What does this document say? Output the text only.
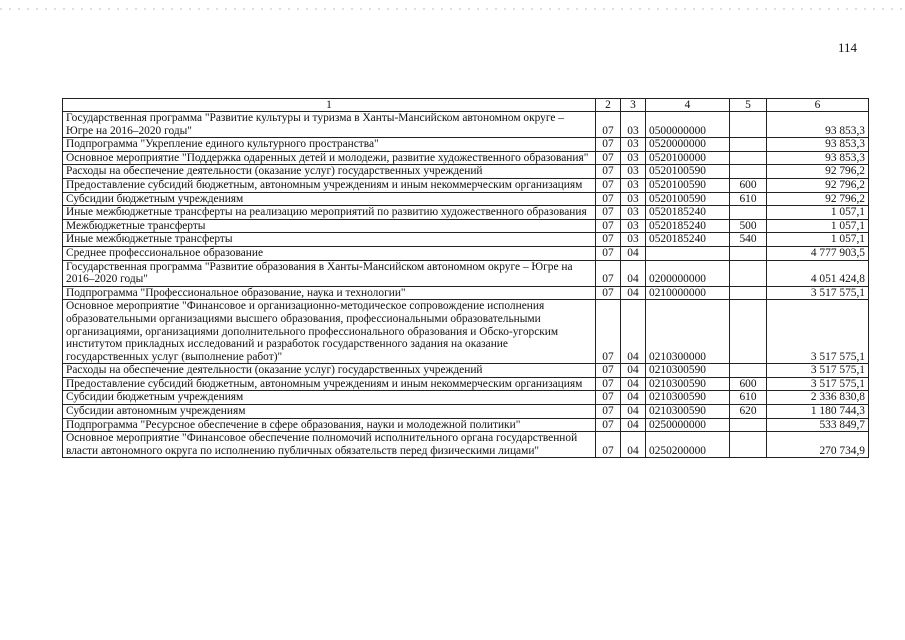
114
1	2	3	4	5	6
Государственная программа "Развитие культуры и туризма в Ханты-Мансийском автономном округе – Югре на 2016–2020 годы"	07	03	0500000000		93 853,3
Подпрограмма "Укрепление единого культурного пространства"	07	03	0520000000		93 853,3
Основное мероприятие "Поддержка одаренных детей и молодежи, развитие художественного образования"	07	03	0520100000		93 853,3
Расходы на обеспечение деятельности (оказание услуг) государственных учреждений	07	03	0520100590		92 796,2
Предоставление субсидий бюджетным, автономным учреждениям и иным некоммерческим организациям	07	03	0520100590	600	92 796,2
Субсидии бюджетным учреждениям	07	03	0520100590	610	92 796,2
Иные межбюджетные трансферты на реализацию мероприятий по развитию художественного образования	07	03	0520185240		1 057,1
Межбюджетные трансферты	07	03	0520185240	500	1 057,1
Иные межбюджетные трансферты	07	03	0520185240	540	1 057,1
Среднее профессиональное образование	07	04			4 777 903,5
Государственная программа "Развитие образования в Ханты-Мансийском автономном округе – Югре на 2016–2020 годы"	07	04	0200000000		4 051 424,8
Подпрограмма "Профессиональное образование, наука и технологии"	07	04	0210000000		3 517 575,1
Основное мероприятие "Финансовое и организационно-методическое сопровождение исполнения образовательными организациями высшего образования, профессиональными образовательными организациями, организациями дополнительного профессионального образования и Обско-угорским институтом прикладных исследований и разработок государственного задания на оказание государственных услуг (выполнение работ)"	07	04	0210300000		3 517 575,1
Расходы на обеспечение деятельности (оказание услуг) государственных учреждений	07	04	0210300590		3 517 575,1
Предоставление субсидий бюджетным, автономным учреждениям и иным некоммерческим организациям	07	04	0210300590	600	3 517 575,1
Субсидии бюджетным учреждениям	07	04	0210300590	610	2 336 830,8
Субсидии автономным учреждениям	07	04	0210300590	620	1 180 744,3
Подпрограмма "Ресурсное обеспечение в сфере образования, науки и молодежной политики"	07	04	0250000000		533 849,7
Основное мероприятие "Финансовое обеспечение полномочий исполнительного органа государственной власти автономного округа по исполнению публичных обязательств перед физическими лицами"	07	04	0250200000		270 734,9
